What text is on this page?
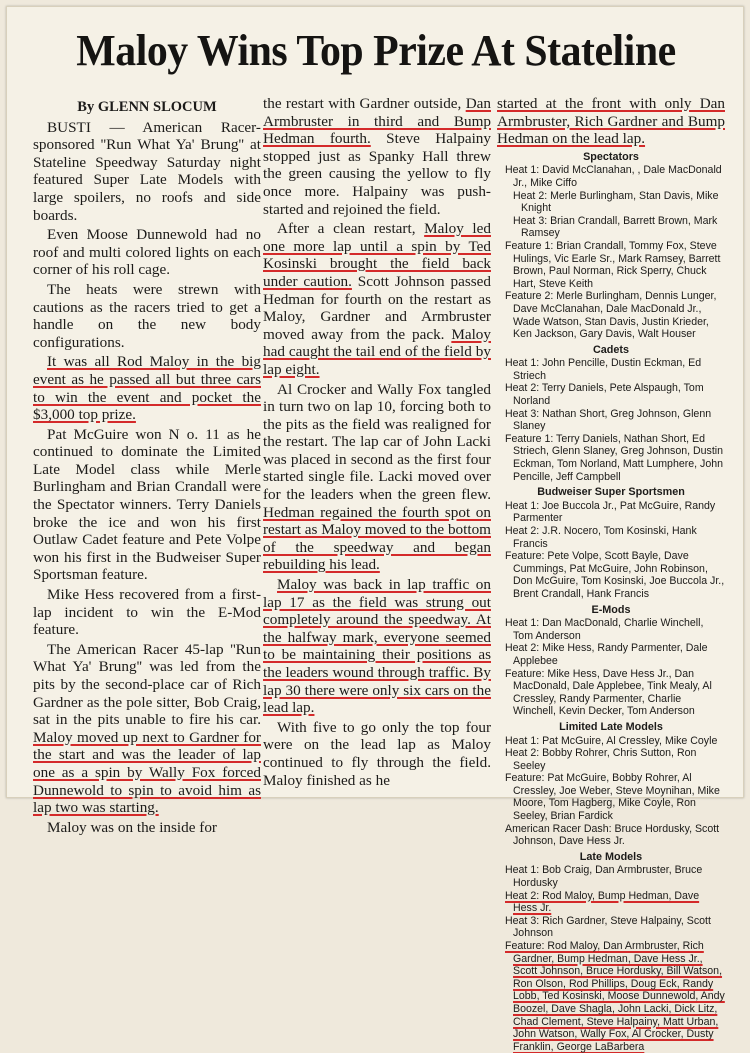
Maloy Wins Top Prize At Stateline
By GLENN SLOCUM

BUSTI — American Racer-sponsored ''Run What Ya' Brung'' at Stateline Speedway Saturday night featured Super Late Models with large spoilers, no roofs and side boards.

Even Moose Dunnewold had no roof and multi colored lights on each corner of his roll cage.

The heats were strewn with cautions as the racers tried to get a handle on the new body configurations.

It was all Rod Maloy in the big event as he passed all but three cars to win the event and pocket the $3,000 top prize.

Pat McGuire won N o. 11 as he continued to dominate the Limited Late Model class while Merle Burlingham and Brian Crandall were the Spectator winners. Terry Daniels broke the ice and won his first Outlaw Cadet feature and Pete Volpe won his first in the Budweiser Super Sportsman feature.

Mike Hess recovered from a first-lap incident to win the E-Mod feature.

The American Racer 45-lap ''Run What Ya' Brung'' was led from the pits by the second-place car of Rich Gardner as the pole sitter, Bob Craig, sat in the pits unable to fire his car. Maloy moved up next to Gardner for the start and was the leader of lap one as a spin by Wally Fox forced Dunnewold to spin to avoid him as lap two was starting.

Maloy was on the inside for

the restart with Gardner outside, Dan Armbruster in third and Bump Hedman fourth. Steve Halpainy stopped just as Spanky Hall threw the green causing the yellow to fly once more. Halpainy was push-started and rejoined the field.

After a clean restart, Maloy led one more lap until a spin by Ted Kosinski brought the field back under caution. Scott Johnson passed Hedman for fourth on the restart as Maloy, Gardner and Armbruster moved away from the pack. Maloy had caught the tail end of the field by lap eight.

Al Crocker and Wally Fox tangled in turn two on lap 10, forcing both to the pits as the field was realigned for the restart. The lap car of John Lacki was placed in second as the first four started single file. Lacki moved over for the leaders when the green flew. Hedman regained the fourth spot on restart as Maloy moved to the bottom of the speedway and began rebuilding his lead.

Maloy was back in lap traffic on lap 17 as the field was strung out completely around the speedway. At the halfway mark, everyone seemed to be maintaining their positions as the leaders wound through traffic. By lap 30 there were only six cars on the lead lap.

With five to go only the top four were on the lead lap as Maloy continued to fly through the field. Maloy finished as he

started at the front with only Dan Armbruster, Rich Gardner and Bump Hedman on the lead lap.
Spectators
Heat 1: David McClanahan, , Dale MacDonald Jr., Mike Ciffo
Heat 2: Merle Burlingham, Stan Davis, Mike Knight
Heat 3: Brian Crandall, Barrett Brown, Mark Ramsey
Feature 1: Brian Crandall, Tommy Fox, Steve Hulings, Vic Earle Sr., Mark Ramsey, Barrett Brown, Paul Norman, Rick Sperry, Chuck Hart, Steve Keith
Feature 2: Merle Burlingham, Dennis Lunger, Dave McClanahan, Dale MacDonald Jr., Wade Watson, Stan Davis, Justin Krieder, Ken Jackson, Gary Davis, Walt Houser
Cadets
Heat 1: John Pencille, Dustin Eckman, Ed Striech
Heat 2: Terry Daniels, Pete Alspaugh, Tom Norland
Heat 3: Nathan Short, Greg Johnson, Glenn Slaney
Feature 1: Terry Daniels, Nathan Short, Ed Striech, Glenn Slaney, Greg Johnson, Dustin Eckman, Tom Norland, Matt Lumphere, John Pencille, Jeff Campbell
Budweiser Super Sportsmen
Heat 1: Joe Buccola Jr., Pat McGuire, Randy Parmenter
Heat 2: J.R. Nocero, Tom Kosinski, Hank Francis
Feature: Pete Volpe, Scott Bayle, Dave Cummings, Pat McGuire, John Robinson, Don McGuire, Tom Kosinski, Joe Buccola Jr., Brent Crandall, Hank Francis
E-Mods
Heat 1: Dan MacDonald, Charlie Winchell, Tom Anderson
Heat 2: Mike Hess, Randy Parmenter, Dale Applebee
Feature: Mike Hess, Dave Hess Jr., Dan MacDonald, Dale Applebee, Tink Mealy, Al Cressley, Randy Parmenter, Charlie Winchell, Kevin Decker, Tom Anderson
Limited Late Models
Heat 1: Pat McGuire, Al Cressley, Mike Coyle
Heat 2: Bobby Rohrer, Chris Sutton, Ron Seeley
Feature: Pat McGuire, Bobby Rohrer, Al Cressley, Joe Weber, Steve Moynihan, Mike Moore, Tom Hagberg, Mike Coyle, Ron Seeley, Brian Fardick
American Racer Dash: Bruce Hordusky, Scott Johnson, Dave Hess Jr.
Late Models
Heat 1: Bob Craig, Dan Armbruster, Bruce Hordusky
Heat 2: Rod Maloy, Bump Hedman, Dave Hess Jr.
Heat 3: Rich Gardner, Steve Halpainy, Scott Johnson
Feature: Rod Maloy, Dan Armbruster, Rich Gardner, Bump Hedman, Dave Hess Jr., Scott Johnson, Bruce Hordusky, Bill Watson, Ron Olson, Rod Phillips, Doug Eck, Randy Lobb, Ted Kosinski, Moose Dunnewold, Andy Boozel, Dave Shagla, John Lacki, Dick Litz, Chad Clement, Steve Halpainy, Matt Urban, John Watson, Wally Fox, Al Crocker, Dusty Franklin, George LaBarbera
